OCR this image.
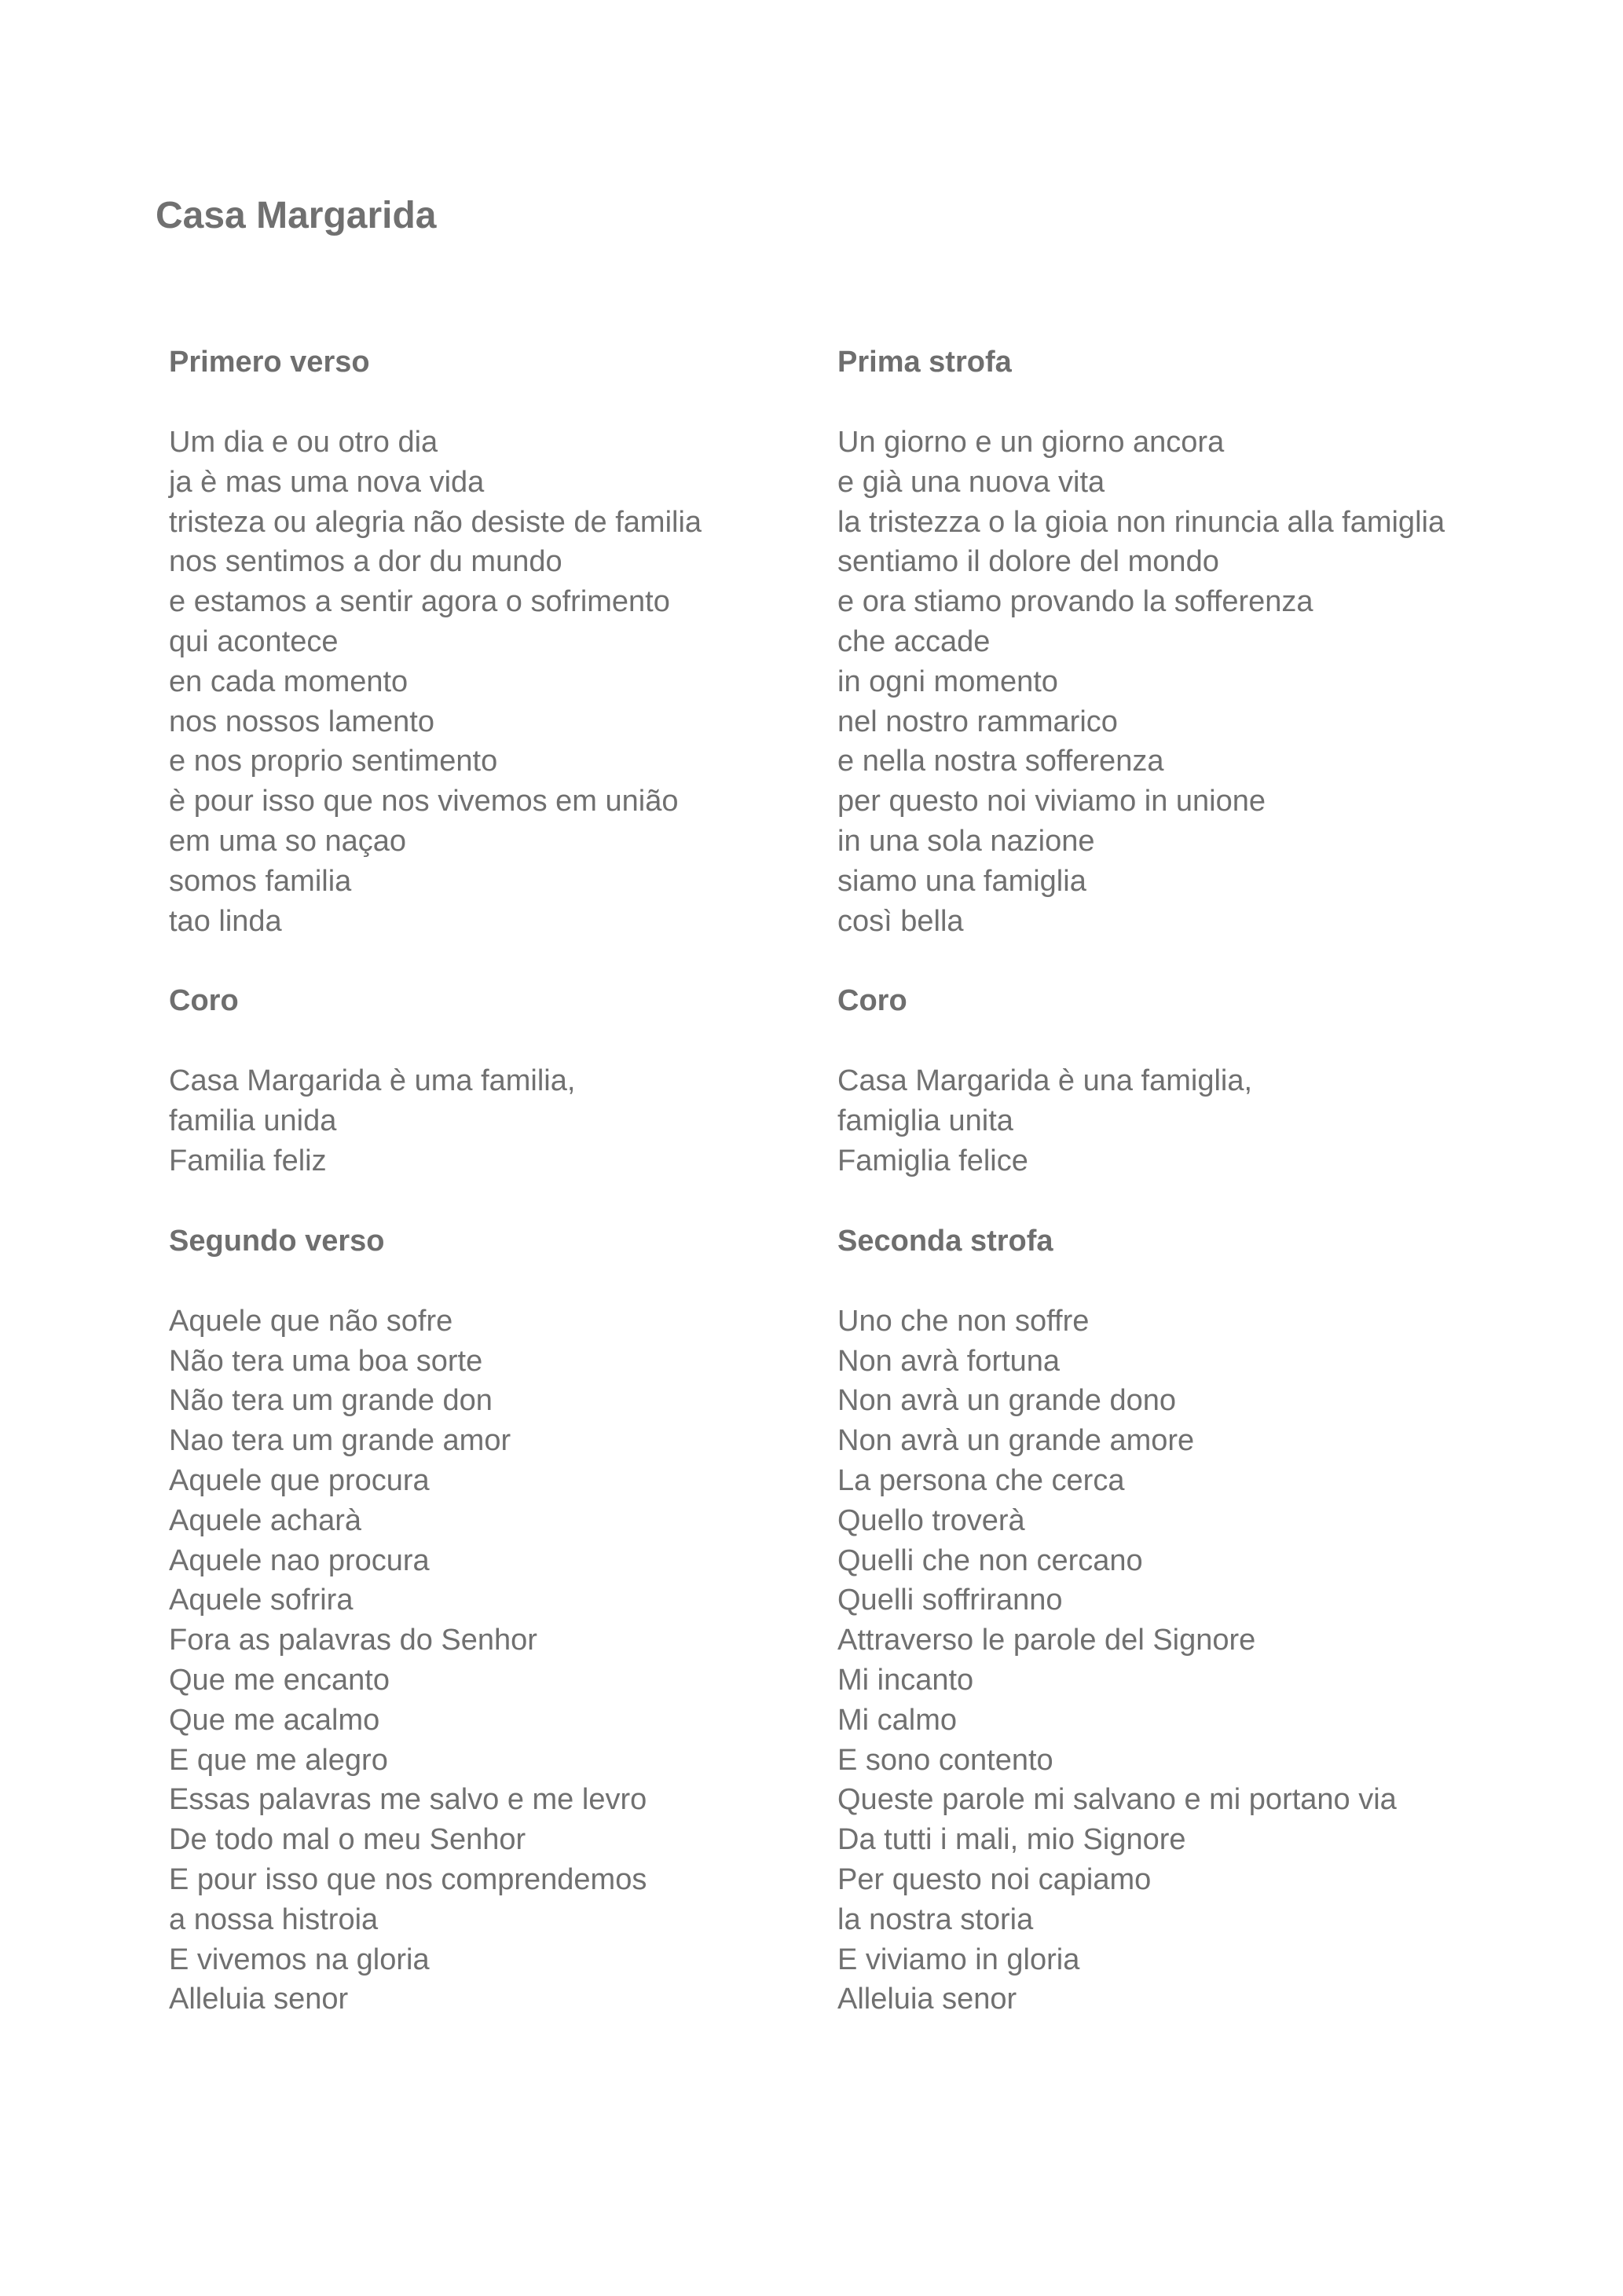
Casa Margarida
Primero verso
Um dia e ou otro dia
ja è mas uma nova vida
tristeza ou alegria não desiste de familia
nos sentimos a dor du mundo
e estamos a sentir agora o sofrimento
qui acontece
en cada momento
nos nossos lamento
e nos proprio sentimento
è pour isso que nos vivemos em união
em uma so naçao
somos familia
tao linda
Coro
Casa Margarida è uma familia,
familia unida
Familia feliz
Segundo verso
Aquele que não sofre
Não tera uma boa sorte
Não tera um grande don
Nao tera um grande amor
Aquele que procura
Aquele acharà
Aquele nao procura
Aquele sofrira
Fora as palavras do Senhor
Que me encanto
Que me acalmo
E que me alegro
Essas palavras me salvo e me levro
De todo mal o meu Senhor
E pour isso que nos comprendemos
a nossa histroia
E vivemos na gloria
Alleluia senor
Prima strofa
Un giorno e un giorno ancora
e già una nuova vita
la tristezza o la gioia non rinuncia alla famiglia
sentiamo il dolore del mondo
e ora stiamo provando la sofferenza
che accade
in ogni momento
nel nostro rammarico
e nella nostra sofferenza
per questo noi viviamo in unione
in una sola nazione
siamo una famiglia
così bella
Coro
Casa Margarida è una famiglia,
famiglia unita
Famiglia felice
Seconda strofa
Uno che non soffre
Non avrà fortuna
Non avrà un grande dono
Non avrà un grande amore
La persona che cerca
Quello troverà
Quelli che non cercano
Quelli soffriranno
Attraverso le parole del Signore
Mi incanto
Mi calmo
E sono contento
Queste parole mi salvano e mi portano via
Da tutti i mali, mio Signore
Per questo noi capiamo
la nostra storia
E viviamo in gloria
Alleluia senor
